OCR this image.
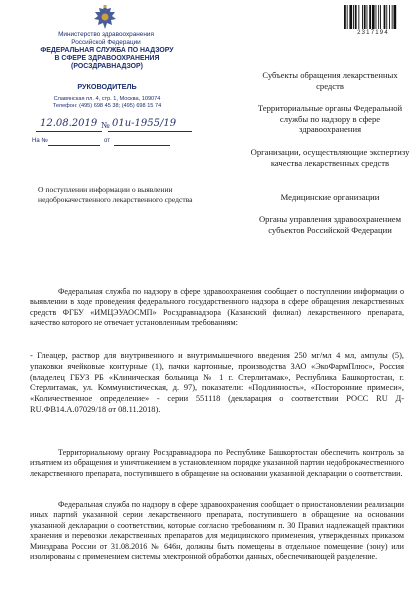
Министерство здравоохранения
Российской Федерации
ФЕДЕРАЛЬНАЯ СЛУЖБА ПО НАДЗОРУ
В СФЕРЕ ЗДРАВООХРАНЕНИЯ
(РОСЗДРАВНАДЗОР)
РУКОВОДИТЕЛЬ
Славянская пл. 4, стр. 1, Москва, 109074
Телефон: (495) 698 45 38; (495) 698 15 74
12.08.2019 № 01и-1955/19
На №	от
2317194
Субъекты обращения лекарственных средств
Территориальные органы Федеральной службы по надзору в сфере здравоохранения
Организации, осуществляющие экспертизу качества лекарственных средств
Медицинские организации
Органы управления здравоохранением субъектов Российской Федерации
О поступлении информации о выявлении недоброкачественного лекарственного средства
Федеральная служба по надзору в сфере здравоохранения сообщает о поступлении информации о выявлении в ходе проведения федерального государственного надзора в сфере обращения лекарственных средств ФГБУ «ИМЦЭУАОСМП» Росздравнадзора (Казанский филиал) лекарственного препарата, качество которого не отвечает установленным требованиям:
- Глеацер, раствор для внутривенного и внутримышечного введения 250 мг/мл 4 мл, ампулы (5), упаковки ячейковые контурные (1), пачки картонные, производства ЗАО «ЭкоФармПлюс», Россия (владелец ГБУЗ РБ «Клиническая больница № 1 г. Стерлитамак», Республика Башкортостан, г. Стерлитамак, ул. Коммунистическая, д. 97), показатели: «Подлинность», «Посторонние примеси», «Количественное определение» - серии 551118 (декларация о соответствии РОСС RU Д-RU.ФВ14.А.07029/18 от 08.11.2018).
Территориальному органу Росздравнадзора по Республике Башкортостан обеспечить контроль за изъятием из обращения и уничтожением в установленном порядке указанной партии недоброкачественного лекарственного препарата, поступившего в обращение на основании указанной декларации о соответствии.
Федеральная служба по надзору в сфере здравоохранения сообщает о приостановлении реализации иных партий указанной серии лекарственного препарата, поступившего в обращение на основании указанной декларации о соответствии, которые согласно требованиям п. 30 Правил надлежащей практики хранения и перевозки лекарственных препаратов для медицинского применения, утвержденных приказом Минздрава России от 31.08.2016 № 646н, должны быть помещены в отдельное помещение (зону) или изолированы с применением системы электронной обработки данных, обеспечивающей разделение.
